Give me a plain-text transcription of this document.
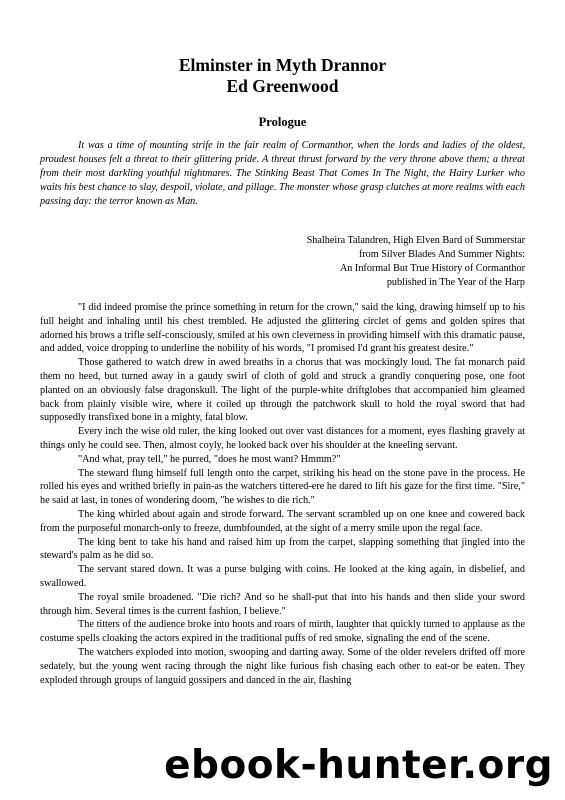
Elminster in Myth Drannor
Ed Greenwood
Prologue

It was a time of mounting strife in the fair realm of Cormanthor, when the lords and ladies of the oldest, proudest houses felt a threat to their glittering pride. A threat thrust forward by the very throne above them; a threat from their most darkling youthful nightmares. The Stinking Beast That Comes In The Night, the Hairy Lurker who waits his best chance to slay, despoil, violate, and pillage. The monster whose grasp clutches at more realms with each passing day: the terror known as Man.

Shalheira Talandren, High Elven Bard of Summerstar
from Silver Blades And Summer Nights:
An Informal But True History of Cormanthor
published in The Year of the Harp

"I did indeed promise the prince something in return for the crown," said the king, drawing himself up to his full height and inhaling until his chest trembled. He adjusted the glittering circlet of gems and golden spires that adorned his brows a trifle self-consciously, smiled at his own cleverness in providing himself with this dramatic pause, and added, voice dropping to underline the nobility of his words, "I promised I'd grant his greatest desire."

Those gathered to watch drew in awed breaths in a chorus that was mockingly loud. The fat monarch paid them no heed, but turned away in a gaudy swirl of cloth of gold and struck a grandly conquering pose, one foot planted on an obviously false dragonskull. The light of the purple-white driftglobes that accompanied him gleamed back from plainly visible wire, where it coiled up through the patchwork skull to hold the royal sword that had supposedly transfixed bone in a mighty, fatal blow.

Every inch the wise old ruler, the king looked out over vast distances for a moment, eyes flashing gravely at things only he could see. Then, almost coyly, he looked back over his shoulder at the kneeling servant.

"And what, pray tell," he purred, "does he most want? Hmmm?"

The steward flung himself full length onto the carpet, striking his head on the stone pave in the process. He rolled his eyes and writhed briefly in pain-as the watchers tittered-ere he dared to lift his gaze for the first time. "Sire," he said at last, in tones of wondering doom, "he wishes to die rich."

The king whirled about again and strode forward. The servant scrambled up on one knee and cowered back from the purposeful monarch-only to freeze, dumbfounded, at the sight of a merry smile upon the regal face.

The king bent to take his hand and raised him up from the carpet, slapping something that jingled into the steward's palm as he did so.

The servant stared down. It was a purse bulging with coins. He looked at the king again, in disbelief, and swallowed.

The royal smile broadened. "Die rich? And so he shall-put that into his hands and then slide your sword through him. Several times is the current fashion, I believe."

The titters of the audience broke into hoots and roars of mirth, laughter that quickly turned to applause as the costume spells cloaking the actors expired in the traditional puffs of red smoke, signaling the end of the scene.

The watchers exploded into motion, swooping and darting away. Some of the older revelers drifted off more sedately, but the young went racing through the night like furious fish chasing each other to eat-or be eaten. They exploded through groups of languid gossipers and danced in the air, flashing

ebook-hunter.org
